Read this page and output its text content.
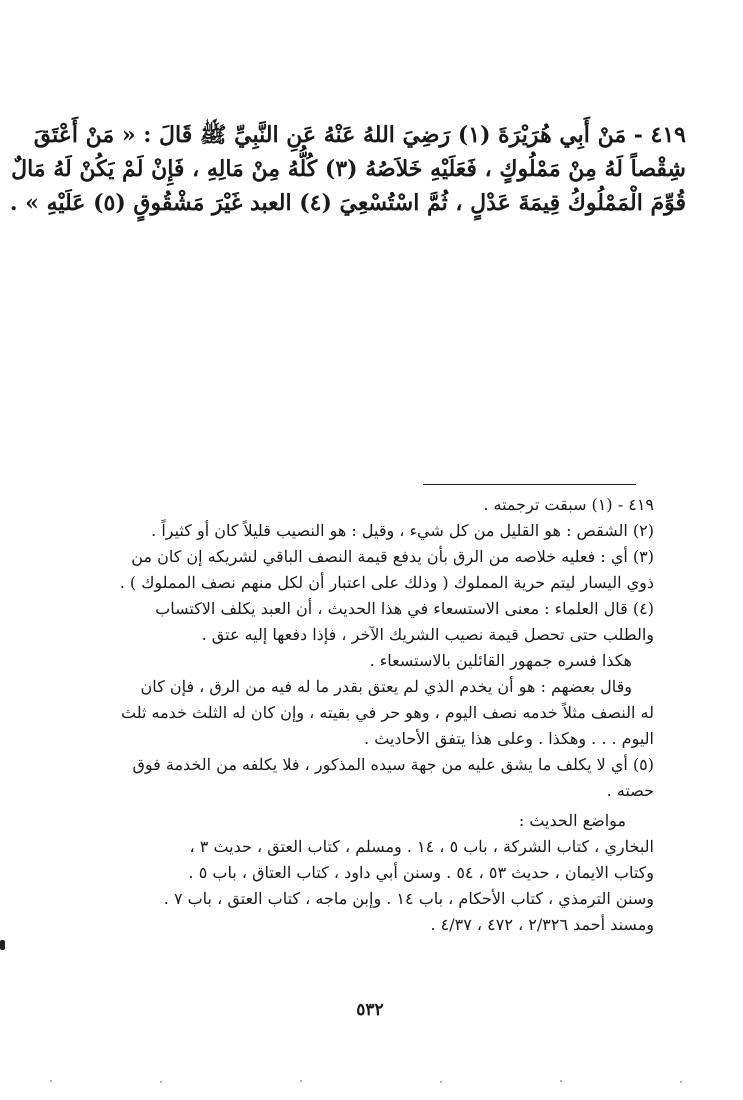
٤١٩ - مَنْ أَبِي هُرَيْرَةَ (١) رَضِيَ اللهُ عَنْهُ عَنِ النَّبِيِّ ﷺ قَالَ : « مَنْ أَعْتَقَ
شِقْصاً لَهُ مِنْ مَمْلُوكٍ ، فَعَلَيْهِ خَلاَصُهُ (٣) كُلُّهُ مِنْ مَالِهِ ، فَإِنْ لَمْ يَكُنْ لَهُ مَالٌ
قُوِّمَ الْمَمْلُوكُ قِيمَةَ عَدْلٍ ، ثُمَّ اسْتُسْعِيَ (٤) العبد غَيْرَ مَشْقُوقٍ (٥) عَلَيْهِ » .
٤١٩ - (١) سبقت ترجمته .
(٢) الشقص : هو القليل من كل شيء ، وقيل : هو النصيب قليلاً كان أو كثيراً .
(٣) أي : فعليه خلاصه من الرق بأن يدفع قيمة النصف الباقي لشريكه إن كان من
ذوي اليسار ليتم حرية المملوك ( وذلك على اعتبار أن لكل منهم نصف المملوك ) .
(٤) قال العلماء : معنى الاستسعاء في هذا الحديث ، أن العبد يكلف الاكتساب
والطلب حتى تحصل قيمة نصيب الشريك الآخر ، فإذا دفعها إليه عتق .
هكذا فسره جمهور القائلين بالاستسعاء .
وقال بعضهم : هو أن يخدم الذي لم يعتق بقدر ما له فيه من الرق ، فإن كان
له النصف مثلاً خدمه نصف اليوم ، وهو حر في بقيته ، وإن كان له الثلث خدمه ثلث
اليوم . . . وهكذا . وعلى هذا يتفق الأحاديث .
(٥) أي لا يكلف ما يشق عليه من جهة سيده المذكور ، فلا يكلفه من الخدمة فوق
حصته .
مواضع الحديث :
البخاري ، كتاب الشركة ، باب ٥ ، ١٤ . ومسلم ، كتاب العتق ، حديث ٣ ،
وكتاب الايمان ، حديث ٥٣ ، ٥٤ . وسنن أبي داود ، كتاب العتاق ، باب ٥ .
وسنن الترمذي ، كتاب الأحكام ، باب ١٤ . وإبن ماجه ، كتاب العتق ، باب ٧ .
ومسند أحمد ٢/٣٢٦ ، ٤٧٢ ، ٤/٣٧ .
٥٣٢
